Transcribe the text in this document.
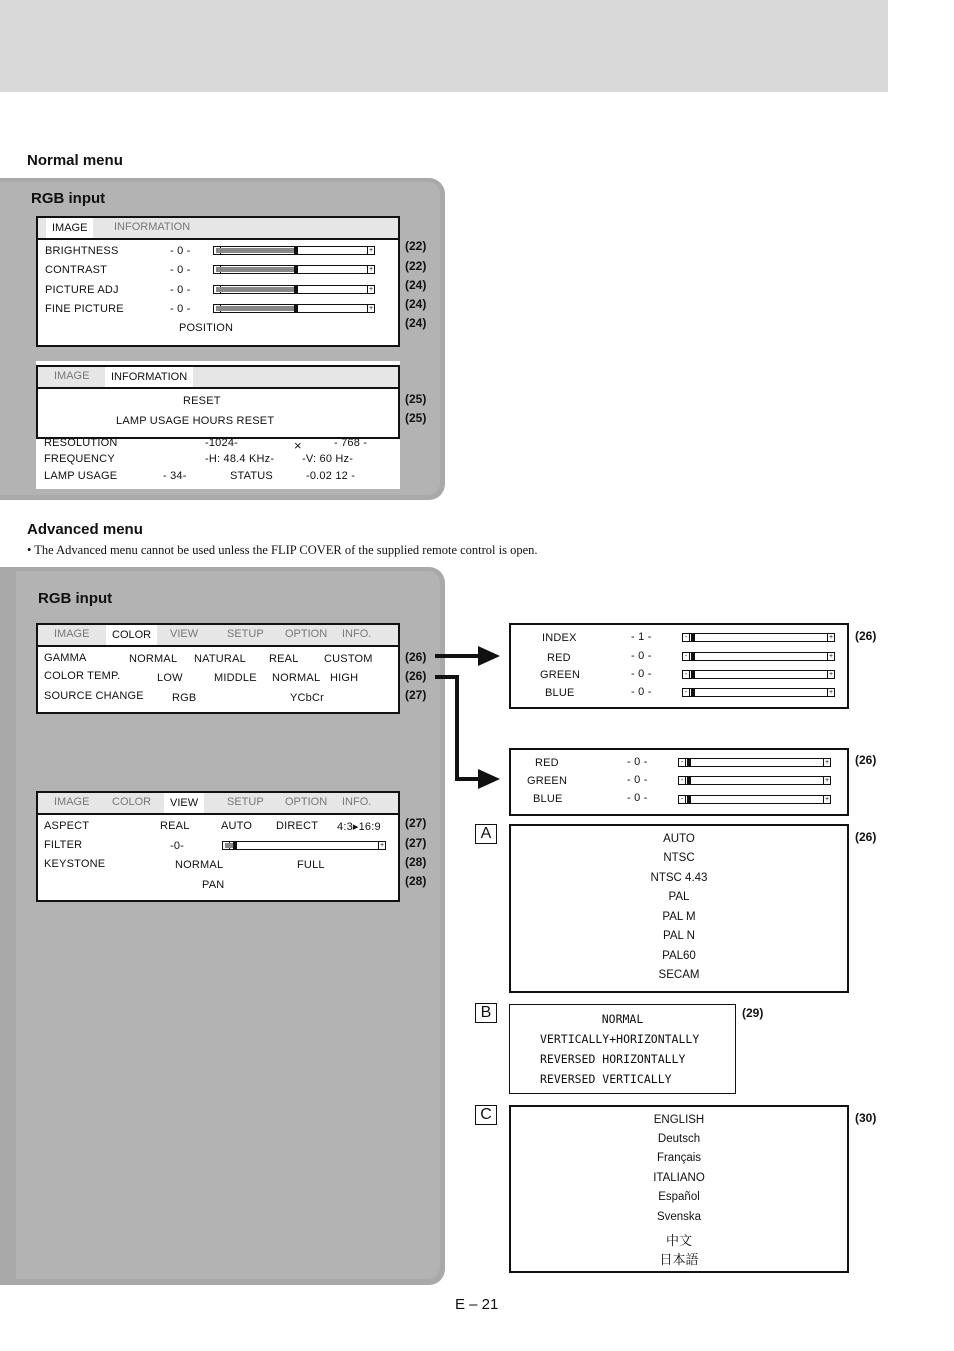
Normal menu
RGB input
IMAGE	INFORMATION
BRIGHTNESS	- 0 -	+
CONTRAST	- 0 -	+
PICTURE ADJ	- 0 -	+
FINE PICTURE	- 0 -	+
POSITION
(22)
(22)
(24)
(24)
(24)
IMAGE	INFORMATION
RESET
LAMP USAGE HOURS RESET
RESOLUTION	-1024-	×	- 768 -
FREQUENCY	-H: 48.4 KHz-	-V: 60 Hz-
LAMP USAGE	- 34-	STATUS	-0.02 12 -
(25)
(25)
Advanced menu
• The Advanced menu cannot be used unless the FLIP COVER of the supplied remote control is open.
RGB input
IMAGE	COLOR	VIEW	SETUP OPTION INFO.
GAMMA	NORMAL NATURAL REAL CUSTOM
COLOR TEMP.	LOW	MIDDLE NORMAL HIGH
SOURCE CHANGE	RGB	YCbCr
(26)
(26)
(27)
IMAGE COLOR	VIEW	SETUP OPTION INFO.
ASPECT	REAL	AUTO DIRECT 4:3▸16:9
FILTER	-0-	+
KEYSTONE	NORMAL	FULL
PAN
(27)
(27)
(28)
(28)
INDEX	- 1 -	-	+
RED	- 0 -	-	+
GREEN	- 0 -	-	+
BLUE	- 0 -	-	+
(26)
RED	- 0 -	-	+
GREEN	- 0 -	-	+
BLUE	- 0 -	-	+
(26)
A	AUTO
NTSC
NTSC 4.43
PAL
PAL M
PAL N
PAL60
SECAM
(26)
B	NORMAL
VERTICALLY+HORIZONTALLY
REVERSED HORIZONTALLY
REVERSED VERTICALLY
(29)
C	ENGLISH
Deutsch
Français
ITALIANO
Español
Svenska
中文
日本語
(30)
E – 21
